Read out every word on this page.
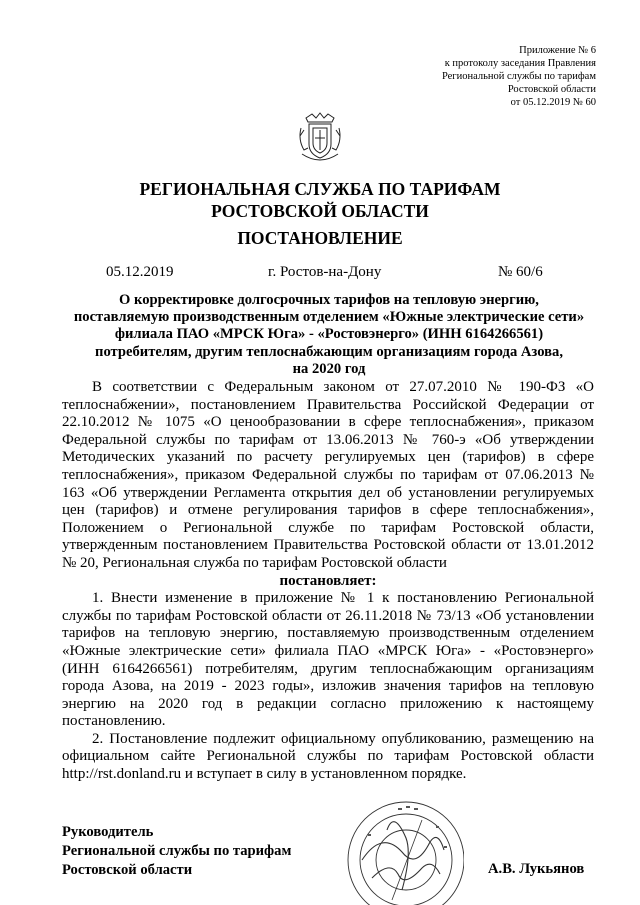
Приложение № 6
к протоколу заседания Правления
Региональной службы по тарифам
Ростовской области
от 05.12.2019 № 60
РЕГИОНАЛЬНАЯ СЛУЖБА ПО ТАРИФАМ
РОСТОВСКОЙ ОБЛАСТИ
ПОСТАНОВЛЕНИЕ
05.12.2019	г. Ростов-на-Дону	№ 60/6
О корректировке долгосрочных тарифов на тепловую энергию,
поставляемую производственным отделением «Южные электрические сети»
филиала ПАО «МРСК Юга» - «Ростовэнерго» (ИНН 6164266561)
потребителям, другим теплоснабжающим организациям города Азова,
на 2020 год

В соответствии с Федеральным законом от 27.07.2010 № 190-ФЗ «О теплоснабжении», постановлением Правительства Российской Федерации от 22.10.2012 № 1075 «О ценообразовании в сфере теплоснабжения», приказом Федеральной службы по тарифам от 13.06.2013 № 760-э «Об утверждении Методических указаний по расчету регулируемых цен (тарифов) в сфере теплоснабжения», приказом Федеральной службы по тарифам от 07.06.2013 № 163 «Об утверждении Регламента открытия дел об установлении регулируемых цен (тарифов) и отмене регулирования тарифов в сфере теплоснабжения», Положением о Региональной службе по тарифам Ростовской области, утвержденным постановлением Правительства Ростовской области от 13.01.2012 № 20, Региональная служба по тарифам Ростовской области

постановляет:

1. Внести изменение в приложение № 1 к постановлению Региональной службы по тарифам Ростовской области от 26.11.2018 № 73/13 «Об установлении тарифов на тепловую энергию, поставляемую производственным отделением «Южные электрические сети» филиала ПАО «МРСК Юга» - «Ростовэнерго» (ИНН 6164266561) потребителям, другим теплоснабжающим организациям города Азова, на 2019 - 2023 годы», изложив значения тарифов на тепловую энергию на 2020 год в редакции согласно приложению к настоящему постановлению.

2. Постановление подлежит официальному опубликованию, размещению на официальном сайте Региональной службы по тарифам Ростовской области http://rst.donland.ru и вступает в силу в установленном порядке.

Руководитель
Региональной службы по тарифам
Ростовской области	А.В. Лукьянов
